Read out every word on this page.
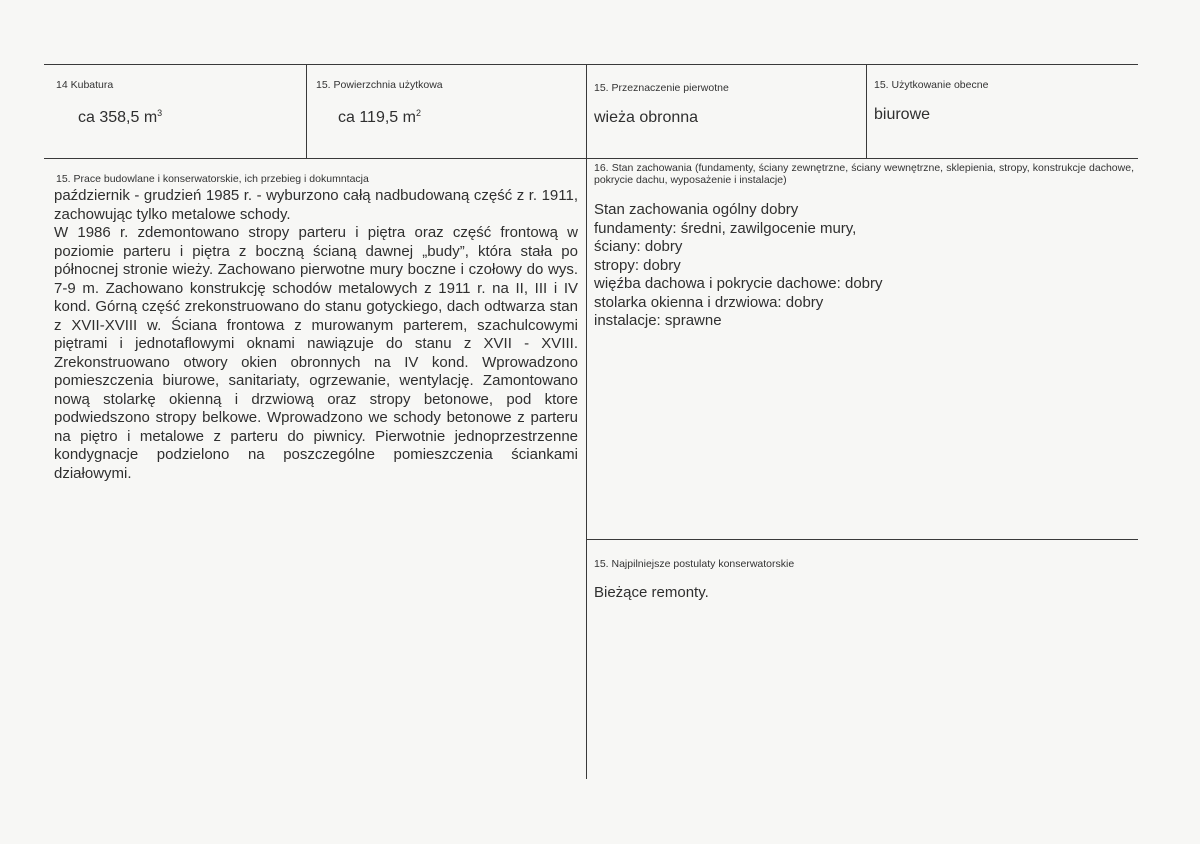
14 Kubatura
ca 358,5 $m^3$
15. Powierzchnia użytkowa
ca 119,5 $m^2$
15. Przeznaczenie pierwotne
wieża obronna
15. Użytkowanie obecne
biurowe
15. Prace budowlane i konserwatorskie, ich przebieg i dokumntacja

październik - grudzień 1985 r. - wyburzono całą nadbudowaną część z r. 1911, zachowując tylko metalowe schody.

W 1986 r. zdemontowano stropy parteru i piętra oraz część frontową w poziomie parteru i piętra z boczną ścianą dawnej „budy”, która stała po północnej stronie wieży. Zachowano pierwotne mury boczne i czołowy do wys. 7-9 m. Zachowano konstrukcję schodów metalowych z 1911 r. na II, III i IV kond. Górną część zrekonstruowano do stanu gotyckiego, dach odtwarza stan z XVII-XVIII w. Ściana frontowa z murowanym parterem, szachulcowymi piętrami i jednotaflowymi oknami nawiązuje do stanu z XVII - XVIII. Zrekonstruowano otwory okien obronnych na IV kond. Wprowadzono pomieszczenia biurowe, sanitariaty, ogrzewanie, wentylację. Zamontowano nową stolarkę okienną i drzwiową oraz stropy betonowe, pod ktore podwiedszono stropy belkowe. Wprowadzono we schody betonowe z parteru na piętro i metalowe z parteru do piwnicy. Pierwotnie jednoprzestrzenne kondygnacje podzielono na poszczególne pomieszczenia ściankami działowymi.

16. Stan zachowania (fundamenty, ściany zewnętrzne, ściany wewnętrzne, sklepienia, stropy, konstrukcje dachowe, pokrycie dachu, wyposażenie i instalacje)

Stan zachowania ogólny dobry

fundamenty: średni, zawilgocenie mury,

ściany: dobry

stropy: dobry

więźba dachowa i pokrycie dachowe: dobry

stolarka okienna i drzwiowa: dobry

instalacje: sprawne

15. Najpilniejsze postulaty konserwatorskie
Bieżące remonty.
